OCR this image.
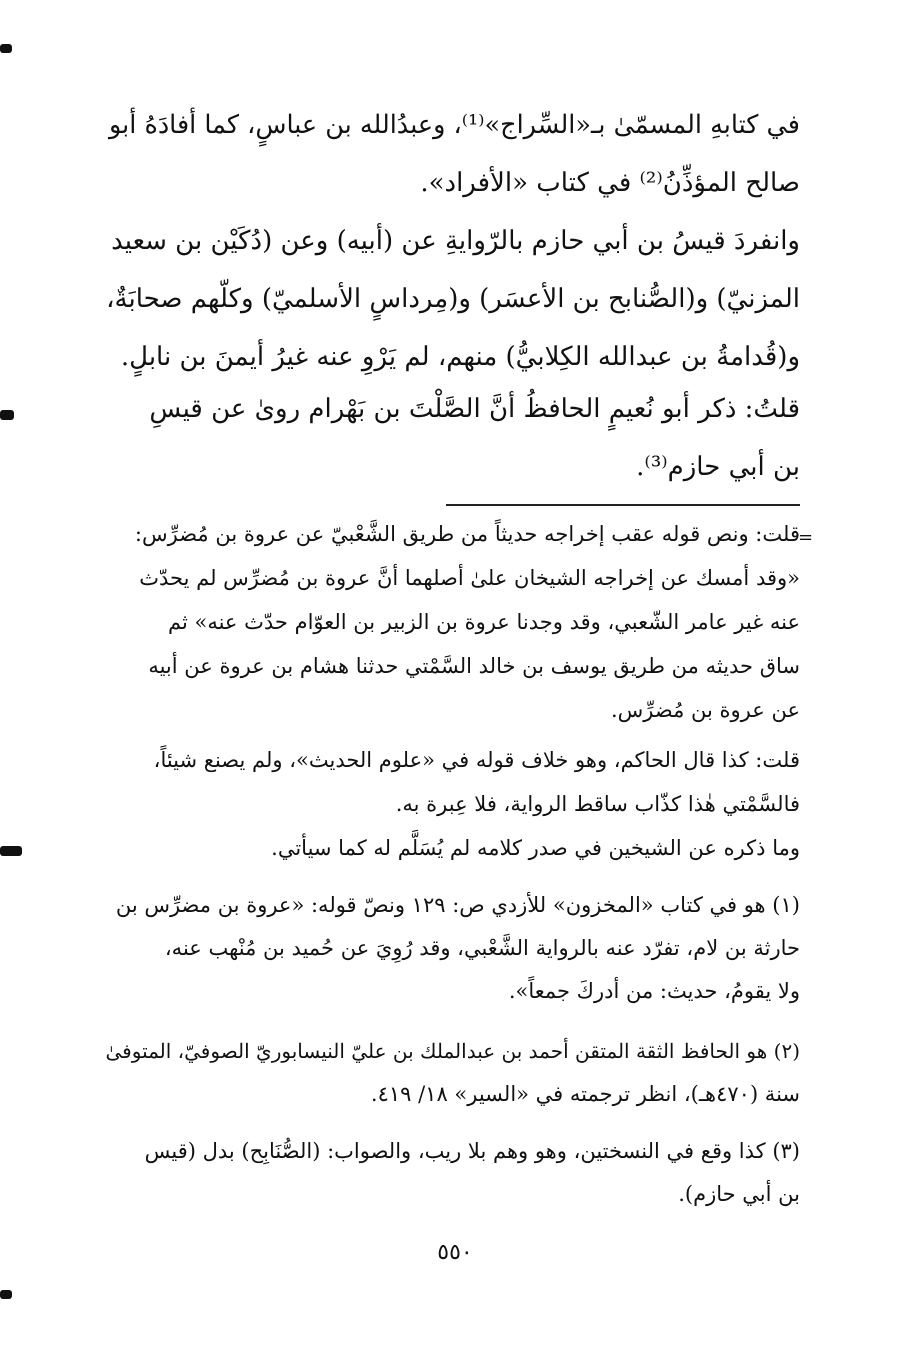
في كتابهِ المسمّىٰ بـ«السِّراج»⁽¹⁾، وعبدُالله بن عباسٍ، كما أفادَهُ أبو
صالح المؤذِّنُ⁽²⁾ في كتاب «الأفراد».
وانفردَ قيسُ بن أبي حازم بالرّوايةِ عن (أبيه) وعن (دُكَيْن بن سعيد
المزنيّ) و(الصُّنابح بن الأعسَر) و(مِرداسٍ الأسلميّ) وكلّهم صحابَةٌ،
و(قُدامةُ بن عبدالله الكِلابيُّ) منهم، لم يَرْوِ عنه غيرُ أيمنَ بن نابلٍ.
قلتُ: ذكر أبو نُعيمٍ الحافظُ أنَّ الصَّلْتَ بن بَهْرام روىٰ عن قيسِ
بن أبي حازم⁽³⁾.
=
قلت: ونص قوله عقب إخراجه حديثاً من طريق الشَّعْبيّ عن عروة بن مُضرِّس:
«وقد أمسك عن إخراجه الشيخان علىٰ أصلهما أنَّ عروة بن مُضرِّس لم يحدّث
عنه غير عامر الشّعبي، وقد وجدنا عروة بن الزبير بن العوّام حدّث عنه» ثم
ساق حديثه من طريق يوسف بن خالد السَّمْتي حدثنا هشام بن عروة عن أبيه
عن عروة بن مُضرِّس.
قلت: كذا قال الحاكم، وهو خلاف قوله في «علوم الحديث»، ولم يصنع شيئاً،
فالسَّمْتي هٰذا كذّاب ساقط الرواية، فلا عِبرة به.
وما ذكره عن الشيخين في صدر كلامه لم يُسَلَّم له كما سيأتي.
(١) هو في كتاب «المخزون» للأزدي ص: ١٢٩ ونصّ قوله: «عروة بن مضرِّس بن
حارثة بن لام، تفرّد عنه بالرواية الشَّعْبي، وقد رُوِيَ عن حُميد بن مُنْهب عنه،
ولا يقومُ، حديث: من أدركَ جمعاً».
(٢) هو الحافظ الثقة المتقن أحمد بن عبدالملك بن عليّ النيسابوريّ الصوفيّ، المتوفىٰ
سنة (٤٧٠هـ)، انظر ترجمته في «السير» ١٨/ ٤١٩.
(٣) كذا وقع في النسختين، وهو وهم بلا ريب، والصواب: (الصُّنَابِح) بدل (قيس
بن أبي حازم).
٥٥٠
